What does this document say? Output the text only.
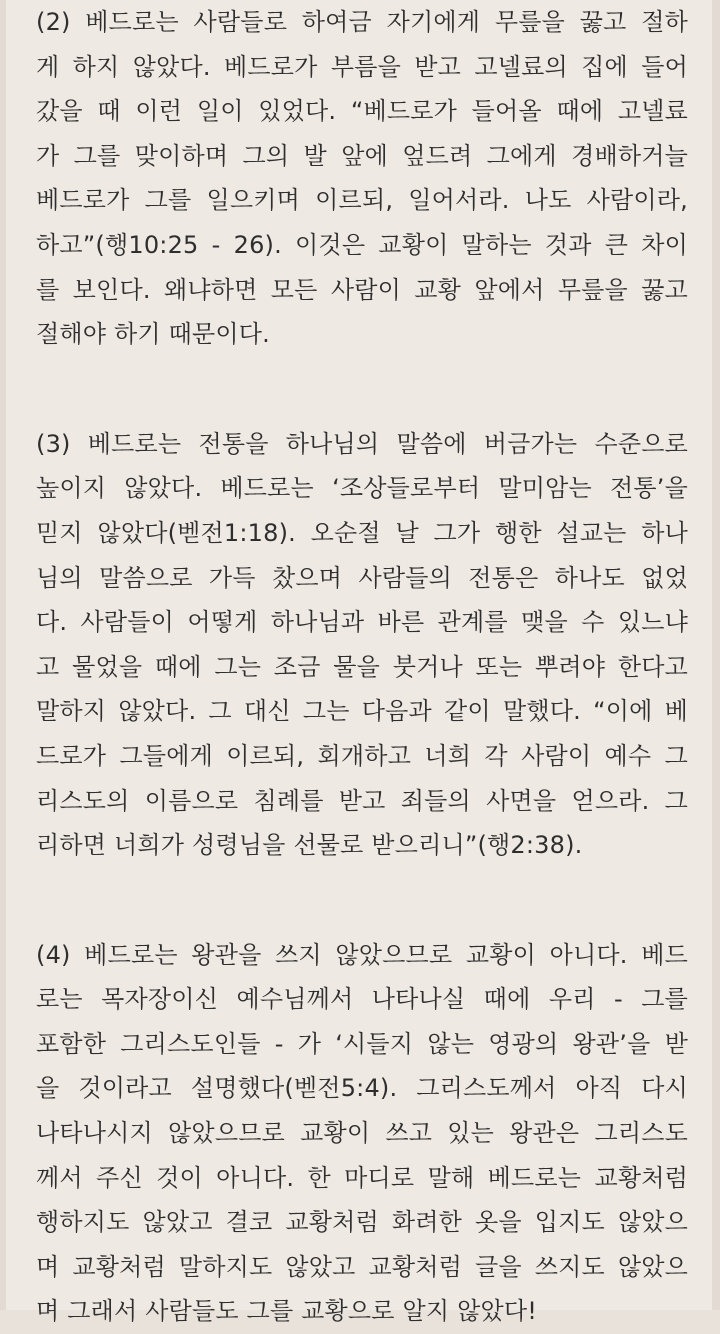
(2) 베드로는 사람들로 하여금 자기에게 무릎을 꿇고 절하
게 하지 않았다. 베드로가 부름을 받고 고넬료의 집에 들어
갔을 때 이런 일이 있었다. “베드로가 들어올 때에 고넬료
가 그를 맞이하며 그의 발 앞에 엎드려 그에게 경배하거늘
베드로가 그를 일으키며 이르되, 일어서라. 나도 사람이라,
하고”(행10:25 - 26). 이것은 교황이 말하는 것과 큰 차이
를 보인다. 왜냐하면 모든 사람이 교황 앞에서 무릎을 꿇고
절해야 하기 때문이다.
(3) 베드로는 전통을 하나님의 말씀에 버금가는 수준으로
높이지 않았다. 베드로는 ‘조상들로부터 말미암는 전통’을
믿지 않았다(벧전1:18). 오순절 날 그가 행한 설교는 하나
님의 말씀으로 가득 찼으며 사람들의 전통은 하나도 없었
다. 사람들이 어떻게 하나님과 바른 관계를 맺을 수 있느냐
고 물었을 때에 그는 조금 물을 붓거나 또는 뿌려야 한다고
말하지 않았다. 그 대신 그는 다음과 같이 말했다. “이에 베
드로가 그들에게 이르되, 회개하고 너희 각 사람이 예수 그
리스도의 이름으로 침례를 받고 죄들의 사면을 얻으라. 그
리하면 너희가 성령님을 선물로 받으리니”(행2:38).
(4) 베드로는 왕관을 쓰지 않았으므로 교황이 아니다. 베드
로는 목자장이신 예수님께서 나타나실 때에 우리 - 그를
포함한 그리스도인들 - 가 ‘시들지 않는 영광의 왕관’을 받
을 것이라고 설명했다(벧전5:4). 그리스도께서 아직 다시
나타나시지 않았으므로 교황이 쓰고 있는 왕관은 그리스도
께서 주신 것이 아니다. 한 마디로 말해 베드로는 교황처럼
행하지도 않았고 결코 교황처럼 화려한 옷을 입지도 않았으
며 교황처럼 말하지도 않았고 교황처럼 글을 쓰지도 않았으
며 그래서 사람들도 그를 교황으로 알지 않았다!
